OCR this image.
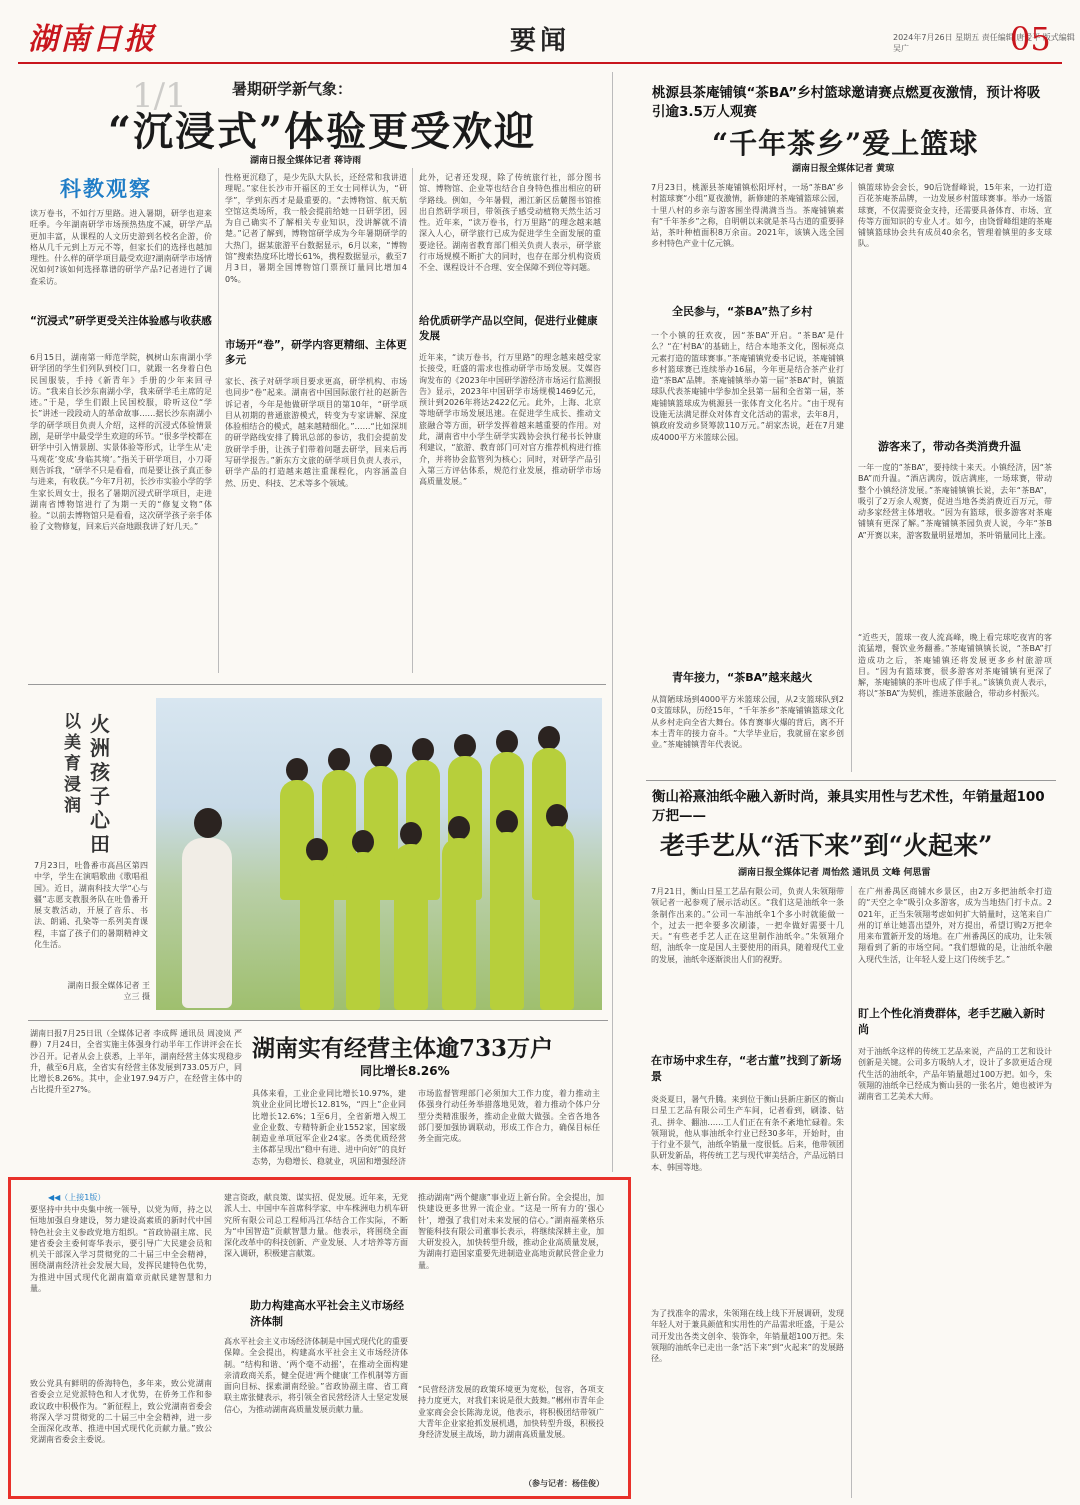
湖南日报	要闻	2024年7月26日 星期五 责任编辑 唐爱平 版式编辑 吴广	05
1/1	暑期研学新气象：
“沉浸式”体验更受欢迎
湖南日报全媒体记者 蒋诗雨
科教观察
读万卷书，不如行万里路。进入暑期，研学也迎来旺季。今年湖南研学市场预热热度不减，研学产品更加丰富，从课程的人文历史游到名校名企游，价格从几千元到上万元不等，但家长们的选择也越加理性。什么样的研学项目最受欢迎?湖南研学市场情况如何?该如何选择靠谱的研学产品?记者进行了调查采访。
“沉浸式”研学更受关注体验感与收获感
6月15日，湖南第一师范学院，枫树山东南湖小学研学团的学生们列队到校门口，就跟一名身着白色民国服装，手持《新青年》手册的少年来回寻访。“我来自长沙东南湖小学，我来研学毛主席的足迹。”于是，学生们跟上民国校服，聆听这位“学长”讲述一段段动人的革命故事……据长沙东南湖小学的研学项目负责人介绍，这样的沉浸式体验情景剧，是研学中最受学生欢迎的环节。“很多学校都在研学中引入情景剧、实景体验等形式，让学生从‘走马观花’变成‘身临其境’。”指关于研学项目，小刀哥则告诉我，“研学不只是看看，而是要让孩子真正参与进来，有收获。”今年7月初，长沙市实验小学的学生家长周女士，报名了暑期沉浸式研学项目，走进湖南省博物馆进行了为期一天的“修复文物”体验。“以前去博物馆只是看看，这次研学孩子亲手体验了文物修复，回来后兴奋地跟我讲了好几天。”
性格更沉稳了，是少先队大队长，还经常和我讲道理呢。”家住长沙市开福区的王女士同样认为，“研学”，学到东西才是最重要的。“去博物馆、航天航空馆这类场所，我一般会提前给她一日研学团，因为自己确实不了解相关专业知识，没讲解就不清楚。”记者了解到，博物馆研学成为今年暑期研学的大热门，据某旅游平台数据显示，6月以来，“博物馆”搜索热度环比增长61%，携程数据显示，截至7月3日，暑期全国博物馆门票预订量同比增加40%。
市场开“卷”，研学内容更精细、主体更多元
家长、孩子对研学项目要求更高，研学机构、市场也同步“卷”起来。湖南省中国国际旅行社的赵新告诉记者，今年是他做研学项目的第10年，“研学项目从初期的普通旅游模式，转变为专家讲解、深度体验相结合的模式，越来越精细化。”……“比如深圳的研学路线安排了腾讯总部的参访，我们会提前发放研学手册，让孩子们带着问题去研学，回来后再写研学报告。”新东方文旅的研学项目负责人表示，研学产品的打造越来越注重课程化，内容涵盖自然、历史、科技、艺术等多个领域。
此外，记者还发现，除了传统旅行社，部分图书馆、博物馆、企业等也结合自身特色推出相应的研学路线。例如，今年暑假，湘江新区岳麓图书馆推出自然研学项目，带领孩子感受动植物天然生活习性。近年来，“读万卷书，行万里路”的理念越来越深入人心，研学旅行已成为促进学生全面发展的重要途径。湖南省教育部门相关负责人表示，研学旅行市场规模不断扩大的同时，也存在部分机构资质不全、课程设计不合理、安全保障不到位等问题。
给优质研学产品以空间，促进行业健康发展
近年来，“读万卷书，行万里路”的理念越来越受家长接受，旺盛的需求也推动研学市场发展。艾媒咨询发布的《2023年中国研学游经济市场运行监测报告》显示，2023年中国研学市场规模1469亿元，预计到2026年将达2422亿元。此外，上海、北京等地研学市场发展迅速。在促进学生成长、推动文旅融合等方面，研学发挥着越来越重要的作用。对此，湖南省中小学生研学实践协会执行秘书长钟康利建议，“旅游、教育部门可对官方推荐机构进行推介，并将协会监管列为核心；同时，对研学产品引入第三方评估体系，规范行业发展，推动研学市场高质量发展。”
火洲孩子心田
以美育浸润
7月23日，吐鲁番市高昌区第四中学，学生在演唱歌曲《歌唱祖国》。近日，湖南科技大学“心与疆”志愿支教服务队在吐鲁番开展支教活动，开展了音乐、书法、朗诵、孔染等一系列美育课程，丰富了孩子们的暑期精神文化生活。
湖南日报全媒体记者 王立三 摄
桃源县茶庵铺镇“茶BA”乡村篮球邀请赛点燃夏夜激情，预计将吸引逾3.5万人观赛
“千年茶乡”爱上篮球
湖南日报全媒体记者 黄琼
7月23日，桃源县茶庵铺镇松阳坪村，一场“茶BA”乡村篮球赛“小组”夏夜激情，新修建的茶庵铺篮球公园，十里八村的乡亲与游客围坐得满满当当。茶庵铺镇素有“千年茶乡”之称，自明朝以来就是茶马古道的重要驿站，茶叶种植面积8万余亩。2021年，该镇入选全国乡村特色产业十亿元镇。
全民参与，“茶BA”热了乡村
一个小镇的狂欢夜，因“茶BA”开启。“茶BA”是什么？“在‘村BA’的基础上，结合本地茶文化，图标亮点元素打造的篮球赛事。”茶庵铺镇党委书记说，茶庵铺镇乡村篮球赛已连续举办16届，今年更是结合茶产业打造“茶BA”品牌。茶庵铺镇举办第一届“茶BA”时，镇篮球队代表茶庵铺中学参加全县第一届和全省第一届，茶庵铺镇篮球成为桃源县一张体育文化名片。“由于现有设施无法满足群众对体育文化活动的需求，去年8月，镇政府发动乡贤筹款110万元。”胡家杰说，赶在7月建成4000平方米篮球公园。
青年接力，“茶BA”越来越火
从简陋球场到4000平方米篮球公园，从2支篮球队到20支篮球队，历经15年，“千年茶乡”茶庵铺镇篮球文化从乡村走向全省大舞台。体育赛事火爆的背后，离不开本土青年的接力奋斗。“大学毕业后，我就留在家乡创业。”茶庵铺镇青年代表说。
镇篮球协会会长，90后饶督峰说，15年来，一边打造百花茶庵茶品牌，一边发展乡村篮球赛事。举办一场篮球赛，不仅需要资金支持，还需要具备体育、市场、宣传等方面知识的专业人才。如今，由饶督峰组建的茶庵铺镇篮球协会共有成员40余名，管理着镇里的多支球队。
游客来了，带动各类消费升温
一年一度的“茶BA”，要持续十来天。小镇经济，因“茶BA”而升温。“酒店满房，饭店满座，一场球赛，带动整个小镇经济发展。”茶庵铺镇镇长说，去年“茶BA”，吸引了2万余人观赛，促进当地各类消费近百万元，带动多家经营主体增收。“因为有篮球，很多游客对茶庵铺镇有更深了解。”茶庵铺镇茶园负责人说，今年“茶BA”开赛以来，游客数量明显增加，茶叶销量同比上涨。
“近些天，篮球一夜人流高峰，晚上看完球吃夜宵的客流猛增，餐饮业务翻番。”茶庵铺镇镇长说，“茶BA”打造成功之后，茶庵铺镇还将发展更多乡村旅游项目。“因为有篮球赛，很多游客对茶庵铺镇有更深了解，茶庵铺镇的茶叶也成了伴手礼。”该镇负责人表示，将以“茶BA”为契机，推进茶旅融合，带动乡村振兴。
衡山裕熹油纸伞融入新时尚，兼具实用性与艺术性，年销量超100万把——
老手艺从“活下来”到“火起来”
湖南日报全媒体记者 周怡然 通讯员 文峰 何思雷
7月21日，衡山日星工艺品有限公司，负责人朱领翔带领记者一起参观了展示活动区。“我们这是油纸伞一条条制作出来的。”公司一车油纸伞1个多小时就能做一个，过去一把伞要多次刷漆，一把伞做好需要十几天。“有些老手艺人正在这里制作油纸伞。”朱领翔介绍，油纸伞一度是国人主要使用的雨具，随着现代工业的发展，油纸伞逐渐淡出人们的视野。
在市场中求生存，“老古董”找到了新场景
炎炎夏日，暑气升腾。来到位于衡山县新庄新区的衡山日星工艺品有限公司生产车间，记者看到，刷漆、钻孔、拼伞、翻油……工人们正在有条不紊地忙碌着。朱领翔说，他从事油纸伞行业已经30多年，开始时，由于行业不景气，油纸伞销量一度很低。后来，他带领团队研发新品，将传统工艺与现代审美结合，产品远销日本、韩国等地。
为了找准伞的需求，朱领翔在线上线下开展调研，发现年轻人对于兼具颜值和实用性的产品需求旺盛，于是公司开发出各类文创伞、装饰伞，年销量超100万把。朱领翔的油纸伞已走出一条“活下来”到“火起来”的发展路径。
在广州番禺区商铺水乡景区，由2万多把油纸伞打造的“天空之伞”吸引众多游客，成为当地热门打卡点。2021年，正当朱领翔考虑如何扩大销量时，这笔来自广州的订单让她喜出望外，对方提出，希望订购2万把伞用来布置新开发的场地。在广州番禺区的成功，让朱领翔看到了新的市场空间。“我们想做的是，让油纸伞融入现代生活，让年轻人爱上这门传统手艺。”
盯上个性化消费群体，老手艺融入新时尚
对于油纸伞这样的传统工艺品来说，产品的工艺和设计创新是关键。公司多方吸纳人才，设计了多款更适合现代生活的油纸伞，产品年销量超过100万把。如今，朱领翔的油纸伞已经成为衡山县的一张名片，她也被评为湖南省工艺美术大师。
湖南日报7月25日讯（全媒体记者 李成辉 通讯员 周凌岚 严静）7月24日，全省实施主体强身行动半年工作讲评会在长沙召开。记者从会上获悉，上半年，湖南经营主体实现稳步升，截至6月底，全省实有经营主体发展到733.05万户，同比增长8.26%。其中，企业197.94万户，在经营主体中的占比提升至27%。
湖南实有经营主体逾733万户
同比增长8.26%
具体来看，工业企业同比增长10.97%，建筑业企业同比增长12.81%，“四上”企业同比增长12.6%；1至6月，全省新增入规工业企业数、专精特新企业1552家，国家级制造业单项冠军企业24家。各类优质经营主体都呈现出“稳中有进、进中向好”的良好态势，为稳增长、稳就业，巩固和增强经济
市场监督管理部门必须加大工作力度，着力推动主体强身行动任务举措落地见效，着力推动个体户分型分类精准服务，推动企业做大做强。全省各地各部门要加强协调联动，形成工作合力，确保目标任务全面完成。
◀◀（上接1版）
要坚持中共中央集中统一领导，以党为师，持之以恒地加强自身建设，努力建设高素质的新时代中国特色社会主义参政党地方组织。“首政协副主席、民建省委会主委何寄华表示，要引导广大民建会员和机关干部深入学习贯彻党的二十届三中全会精神，围绕湖南经济社会发展大局，发挥民建特色优势，为推进中国式现代化湖南篇章贡献民建智慧和力量。
致公党具有鲜明的侨海特色，多年来，致公党湖南省委会立足党派特色和人才优势，在侨务工作和参政议政中积极作为。“新征程上，致公党湖南省委会将深入学习贯彻党的二十届三中全会精神，进一步全面深化改革、推进中国式现代化贡献力量。”致公党湖南省委会主委说。
建言资政，献良策、谋实招、促发展。近年来，无党派人士、中国中车首席科学家、中车株洲电力机车研究所有限公司总工程师冯江华结合工作实际，不断为“中国智造”贡献智慧力量。他表示，将围绕全面深化改革中的科技创新、产业发展、人才培养等方面深入调研，积极建言献策。
助力构建高水平社会主义市场经济体制
高水平社会主义市场经济体制是中国式现代化的重要保障。全会提出，构建高水平社会主义市场经济体制。“结构和谐、‘两个毫不动摇’，在推动全面构建亲清政商关系，健全促进‘两个健康’工作机制等方面面向目标、探索湖南经验。”省政协副主席、省工商联主席张健表示，将引领全省民营经济人士坚定发展信心，为推动湖南高质量发展贡献力量。
推动湖南“两个健康”事业迈上新台阶。全会提出，加快建设更多世界一流企业。“这是一所有力的‘强心针’，增强了我们对未来发展的信心。”湖南福莱格乐智能科技有限公司董事长表示，将继续深耕主业，加大研发投入，加快转型升级，推动企业高质量发展，为湖南打造国家重要先进制造业高地贡献民营企业力量。
“民营经济发展的政策环境更为宽松，包容，各项支持力度更大，对我们来说是很大鼓舞。”郴州市青年企业家商会会长陈海龙说，他表示，将积极团结带领广大青年企业家抢抓发展机遇，加快转型升级，积极投身经济发展主战场，助力湖南高质量发展。
（参与记者：杨佳俊）
